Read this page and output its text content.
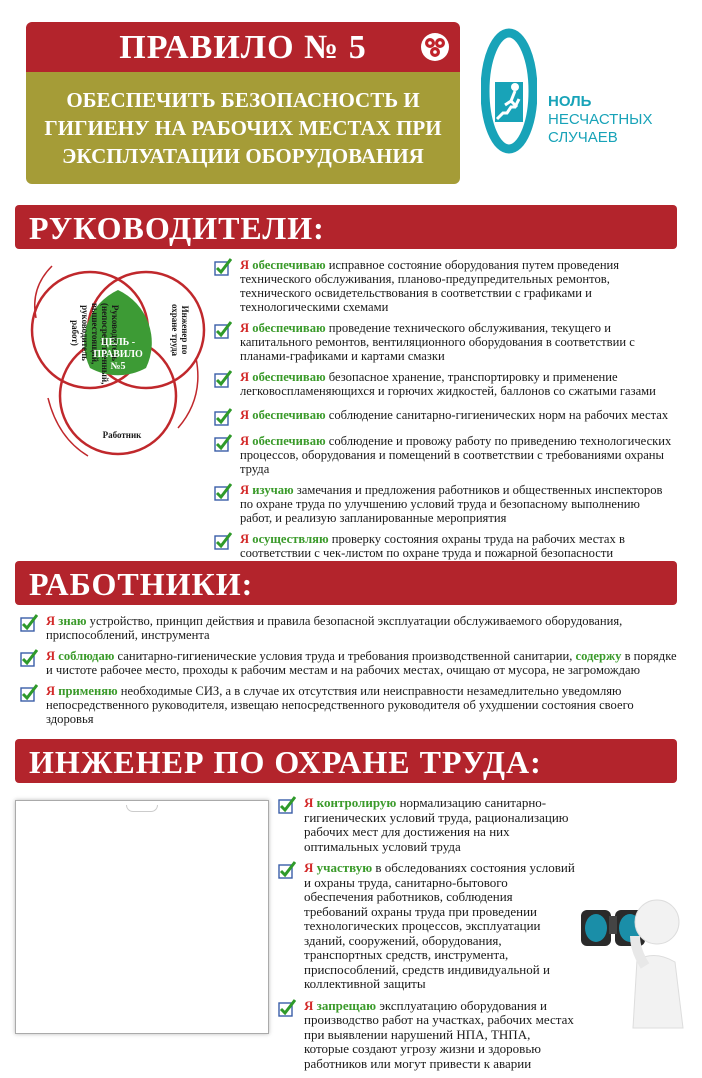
ПРАВИЛО № 5
ОБЕСПЕЧИТЬ БЕЗОПАСНОСТЬ И ГИГИЕНУ НА РАБОЧИХ МЕСТАХ ПРИ ЭКСПЛУАТАЦИИ ОБОРУДОВАНИЯ
НОЛЬ
НЕСЧАСТНЫХ
СЛУЧАЕВ
РУКОВОДИТЕЛИ:
Руководитель (непосредственный, вышестоящий, руководитель работ)	Инженер по охране труда
Работник
ЦЕЛЬ -
ПРАВИЛО
№5
Я обеспечиваю исправное состояние оборудования путем проведения технического обслуживания, планово-предупредительных ремонтов, технического освидетельствования в соответствии с графиками и технологическими схемами
Я обеспечиваю проведение технического обслуживания, текущего и капитального ремонтов, вентиляционного оборудования в соответствии с планами-графиками и картами смазки
Я обеспечиваю безопасное хранение, транспортировку и применение легковоспламеняющихся и горючих жидкостей, баллонов со сжатыми газами
Я обеспечиваю соблюдение санитарно-гигиенических норм на рабочих местах
Я обеспечиваю соблюдение и провожу работу по приведению технологических процессов, оборудования и помещений в соответствии с требованиями охраны труда
Я изучаю замечания и предложения работников и общественных инспекторов по охране труда по улучшению условий труда и безопасному выполнению работ, и реализую запланированные мероприятия
Я осуществляю проверку состояния охраны труда на рабочих местах в соответствии с чек-листом по охране труда и пожарной безопасности
РАБОТНИКИ:
Я знаю устройство, принцип действия и правила безопасной эксплуатации обслуживаемого оборудования, приспособлений, инструмента
Я соблюдаю санитарно-гигиенические условия труда и требования производственной санитарии, содержу в порядке и чистоте рабочее место, проходы к рабочим местам и на рабочих местах, очищаю от мусора, не загромождаю
Я применяю необходимые СИЗ, а в случае их отсутствия или неисправности незамедлительно уведомляю непосредственного руководителя, извещаю непосредственного руководителя об ухудшении состояния своего здоровья
ИНЖЕНЕР ПО ОХРАНЕ ТРУДА:
Я контролирую нормализацию санитарно-гигиенических условий труда, рационализацию рабочих мест для достижения на них оптимальных условий труда
Я участвую в обследованиях состояния условий и охраны труда, санитарно-бытового обеспечения работников, соблюдения требований охраны труда при проведении технологических процессов, эксплуатации зданий, сооружений, оборудования, транспортных средств, инструмента, приспособлений, средств индивидуальной и коллективной защиты
Я запрещаю эксплуатацию оборудования и производство работ на участках, рабочих местах при выявлении нарушений НПА, ТНПА, которые создают угрозу жизни и здоровью работников или могут привести к аварии
